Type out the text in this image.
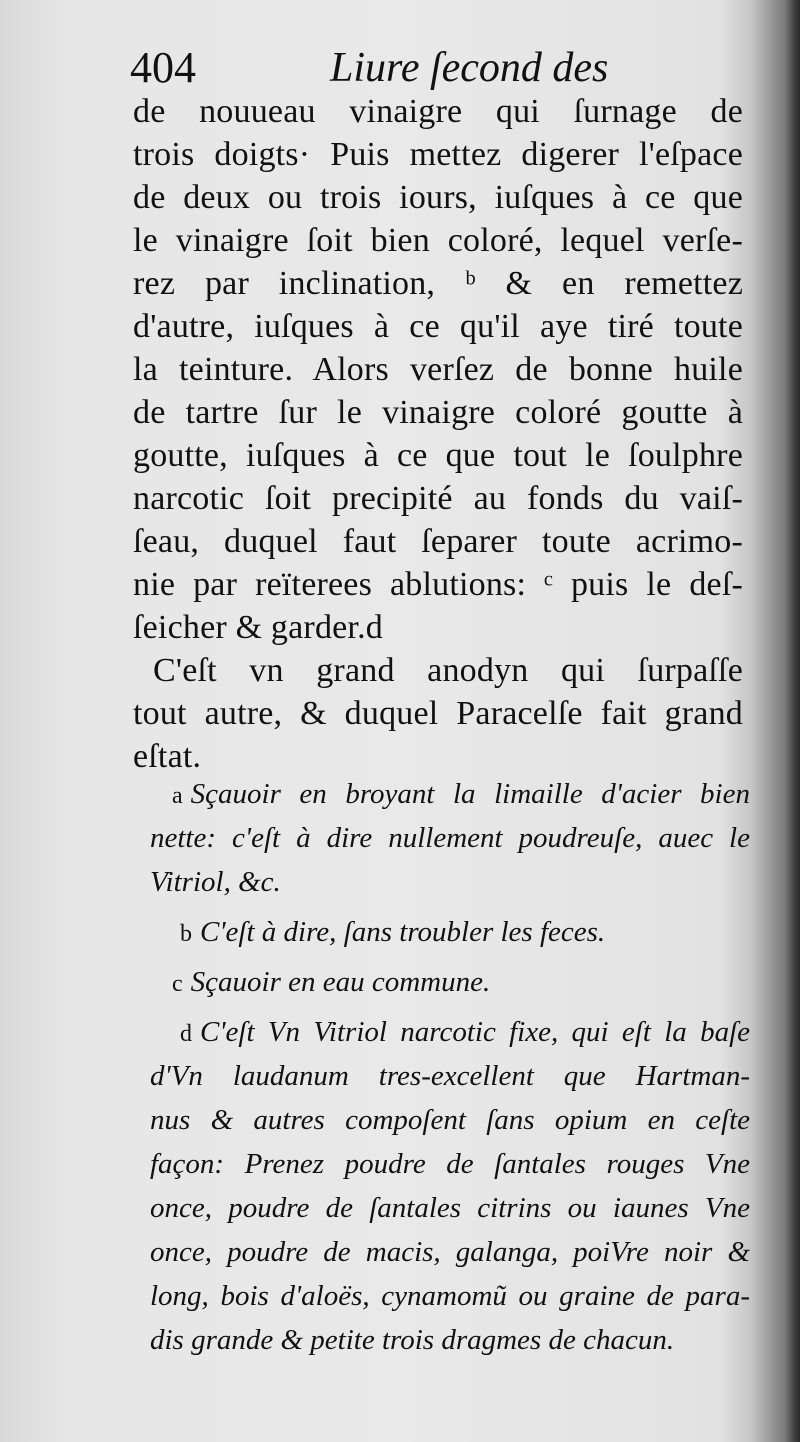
404	Liure ſecond des
de nouueau vinaigre qui ſurnage de
trois doigts· Puis mettez digerer l'eſpace
de deux ou trois iours, iuſques à ce que
le vinaigre ſoit bien coloré, lequel verſe-
rez par inclination, ᵇ & en remettez
d'autre, iuſques à ce qu'il aye tiré toute
la teinture. Alors verſez de bonne huile
de tartre ſur le vinaigre coloré goutte à
goutte, iuſques à ce que tout le ſoulphre
narcotic ſoit precipité au fonds du vaiſ-
ſeau, duquel faut ſeparer toute acrimo-
nie par reïterees ablutions: ᶜ puis le deſ-
ſeicher & garder.d
C'eſt vn grand anodyn qui ſurpaſſe
tout autre, & duquel Paracelſe fait grand
eſtat.
a Sçauoir en broyant la limaille d'acier bien
nette: c'eſt à dire nullement poudreuſe, auec le
Vitriol, &c.
b C'eſt à dire, ſans troubler les feces.
c Sçauoir en eau commune.
d C'eſt Vn Vitriol narcotic fixe, qui eſt la baſe
d'Vn laudanum tres-excellent que Hartman-
nus & autres compoſent ſans opium en ceſte
façon: Prenez poudre de ſantales rouges Vne
once, poudre de ſantales citrins ou iaunes Vne
once, poudre de macis, galanga, poiVre noir &
long, bois d'aloës, cynamomũ ou graine de para-
dis grande & petite trois dragmes de chacun.
